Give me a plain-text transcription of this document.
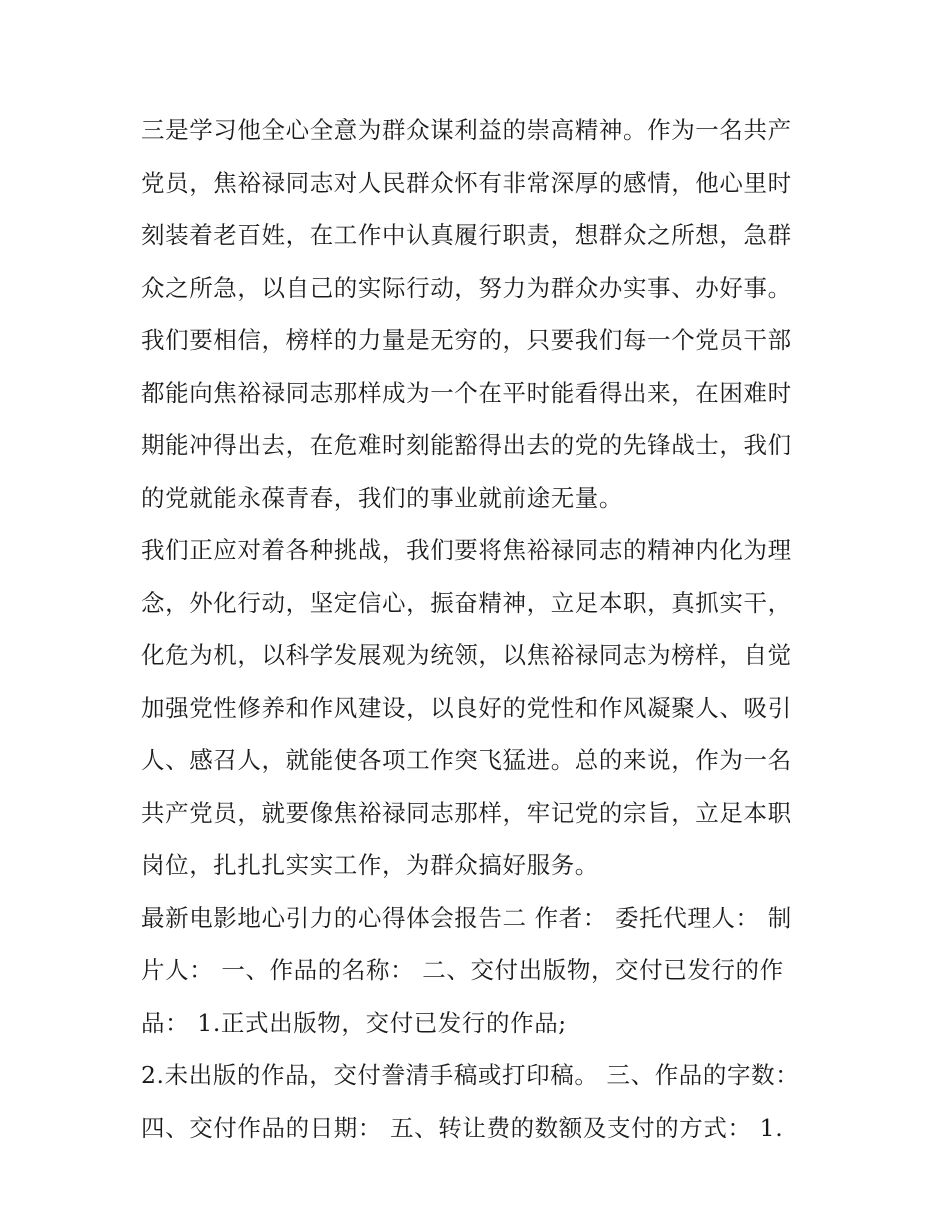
三是学习他全心全意为群众谋利益的崇高精神。作为一名共产
党员，焦裕禄同志对人民群众怀有非常深厚的感情，他心里时
刻装着老百姓，在工作中认真履行职责，想群众之所想，急群
众之所急，以自己的实际行动，努力为群众办实事、办好事。
我们要相信，榜样的力量是无穷的，只要我们每一个党员干部
都能向焦裕禄同志那样成为一个在平时能看得出来，在困难时
期能冲得出去，在危难时刻能豁得出去的党的先锋战士，我们
的党就能永葆青春，我们的事业就前途无量。
我们正应对着各种挑战，我们要将焦裕禄同志的精神内化为理
念，外化行动，坚定信心，振奋精神，立足本职，真抓实干，
化危为机，以科学发展观为统领，以焦裕禄同志为榜样，自觉
加强党性修养和作风建设，以良好的党性和作风凝聚人、吸引
人、感召人，就能使各项工作突飞猛进。总的来说，作为一名
共产党员，就要像焦裕禄同志那样，牢记党的宗旨，立足本职
岗位，扎扎扎实实工作，为群众搞好服务。
最新电影地心引力的心得体会报告二 作者： 委托代理人： 制
片人： 一、作品的名称： 二、交付出版物，交付已发行的作
品： 1.正式出版物，交付已发行的作品;
2.未出版的作品，交付誊清手稿或打印稿。 三、作品的字数：
四、交付作品的日期： 五、转让费的数额及支付的方式： 1.
